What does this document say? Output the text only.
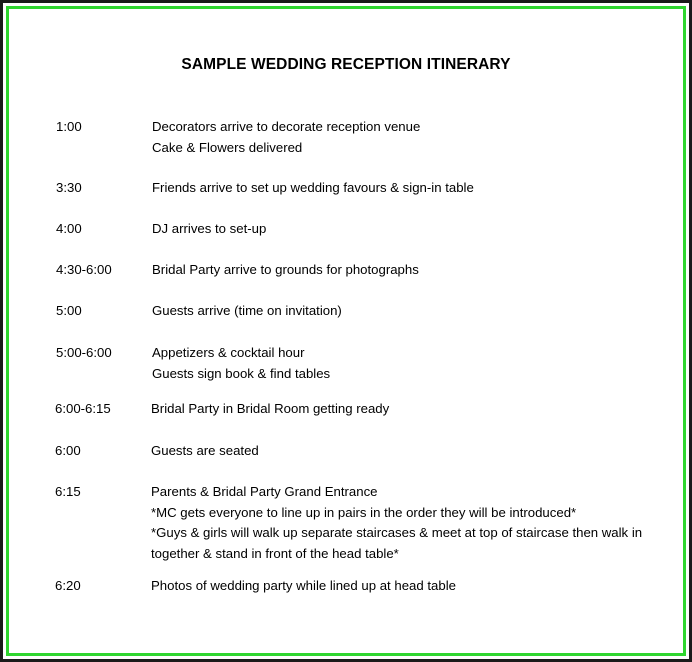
SAMPLE WEDDING RECEPTION ITINERARY
1:00	Decorators arrive to decorate reception venue
Cake & Flowers delivered
3:30	Friends arrive to set up wedding favours & sign-in table
4:00	DJ arrives to set-up
4:30-6:00	Bridal Party arrive to grounds for photographs
5:00	Guests arrive (time on invitation)
5:00-6:00	Appetizers & cocktail hour
Guests sign book & find tables
6:00-6:15	Bridal Party in Bridal Room getting ready
6:00	Guests are seated
6:15	Parents & Bridal Party Grand Entrance
*MC gets everyone to line up in pairs in the order they will be introduced*
*Guys & girls will walk up separate staircases & meet at top of staircase then walk in
together & stand in front of the head table*
6:20	Photos of wedding party while lined up at head table
